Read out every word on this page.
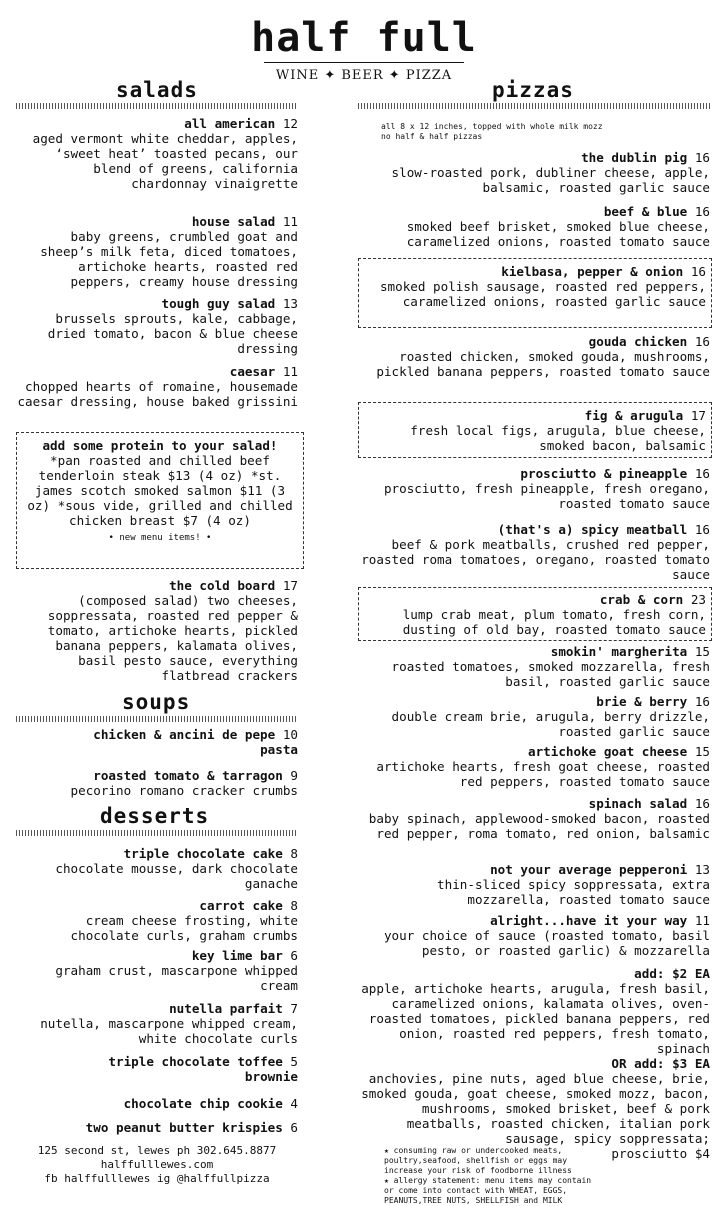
half full
WINE ✦ BEER ✦ PIZZA
salads
all american 12
aged vermont white cheddar, apples, ‘sweet heat’ toasted pecans, our blend of greens, california chardonnay vinaigrette
house salad 11
baby greens, crumbled goat and sheep’s milk feta, diced tomatoes, artichoke hearts, roasted red peppers, creamy house dressing
tough guy salad 13
brussels sprouts, kale, cabbage, dried tomato, bacon & blue cheese dressing
caesar 11
chopped hearts of romaine, housemade caesar dressing, house baked grissini
add some protein to your salad!
*pan roasted and chilled beef tenderloin steak $13 (4 oz) *st. james scotch smoked salmon $11 (3 oz) *sous vide, grilled and chilled chicken breast $7 (4 oz)
• new menu items! •
the cold board 17
(composed salad) two cheeses, soppressata, roasted red pepper & tomato, artichoke hearts, pickled banana peppers, kalamata olives, basil pesto sauce, everything flatbread crackers
soups
chicken & ancini de pepe 10
pasta
roasted tomato & tarragon 9
pecorino romano cracker crumbs
desserts
triple chocolate cake 8
chocolate mousse, dark chocolate ganache
carrot cake 8
cream cheese frosting, white chocolate curls, graham crumbs
key lime bar 6
graham crust, mascarpone whipped cream
nutella parfait 7
nutella, mascarpone whipped cream, white chocolate curls
triple chocolate toffee 5
brownie
chocolate chip cookie 4
two peanut butter krispies 6
125 second st, lewes ph 302.645.8877
halffulllewes.com
fb halffulllewes ig @halffullpizza
pizzas
all 8 x 12 inches, topped with whole milk mozz
no half & half pizzas
the dublin pig 16
slow-roasted pork, dubliner cheese, apple, balsamic, roasted garlic sauce
beef & blue 16
smoked beef brisket, smoked blue cheese, caramelized onions, roasted tomato sauce
kielbasa, pepper & onion 16
smoked polish sausage, roasted red peppers, caramelized onions, roasted garlic sauce
gouda chicken 16
roasted chicken, smoked gouda, mushrooms, pickled banana peppers, roasted tomato sauce
fig & arugula 17
fresh local figs, arugula, blue cheese, smoked bacon, balsamic
prosciutto & pineapple 16
prosciutto, fresh pineapple, fresh oregano, roasted tomato sauce
(that's a) spicy meatball 16
beef & pork meatballs, crushed red pepper, roasted roma tomatoes, oregano, roasted tomato sauce
crab & corn 23
lump crab meat, plum tomato, fresh corn, dusting of old bay, roasted tomato sauce
smokin' margherita 15
roasted tomatoes, smoked mozzarella, fresh basil, roasted garlic sauce
brie & berry 16
double cream brie, arugula, berry drizzle, roasted garlic sauce
artichoke goat cheese 15
artichoke hearts, fresh goat cheese, roasted red peppers, roasted tomato sauce
spinach salad 16
baby spinach, applewood-smoked bacon, roasted red pepper, roma tomato, red onion, balsamic
not your average pepperoni 13
thin-sliced spicy soppressata, extra mozzarella, roasted tomato sauce
alright...have it your way 11
your choice of sauce (roasted tomato, basil pesto, or roasted garlic) & mozzarella
add: $2 EA
apple, artichoke hearts, arugula, fresh basil, caramelized onions, kalamata olives, oven-roasted tomatoes, pickled banana peppers, red onion, roasted red peppers, fresh tomato, spinach
OR add: $3 EA
anchovies, pine nuts, aged blue cheese, brie, smoked gouda, goat cheese, smoked mozz, bacon, mushrooms, smoked brisket, beef & pork meatballs, roasted chicken, italian pork sausage, spicy soppressata;
★ consuming raw or undercooked meats, poultry,seafood, shellfish or eggs may increase your risk of foodborne illness
★ allergy statement: menu items may contain or come into contact with WHEAT, EGGS, PEANUTS,TREE NUTS, SHELLFISH and MILK
prosciutto $4
